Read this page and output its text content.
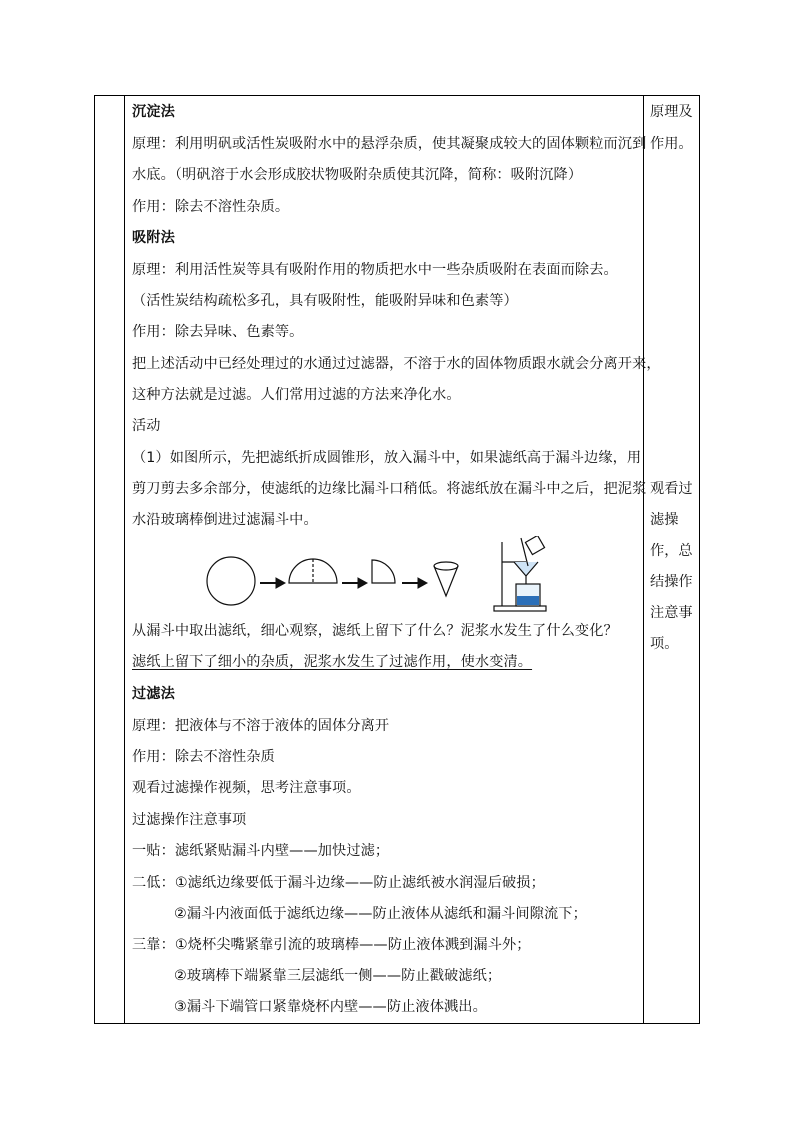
沉淀法
原理：利用明矾或活性炭吸附水中的悬浮杂质，使其凝聚成较大的固体颗粒而沉到
水底。（明矾溶于水会形成胶状物吸附杂质使其沉降，简称：吸附沉降）
作用：除去不溶性杂质。
吸附法
原理：利用活性炭等具有吸附作用的物质把水中一些杂质吸附在表面而除去。
（活性炭结构疏松多孔，具有吸附性，能吸附异味和色素等）
作用：除去异味、色素等。
把上述活动中已经处理过的水通过过滤器，不溶于水的固体物质跟水就会分离开来，
这种方法就是过滤。人们常用过滤的方法来净化水。
活动
（1）如图所示，先把滤纸折成圆锥形，放入漏斗中，如果滤纸高于漏斗边缘，用
剪刀剪去多余部分，使滤纸的边缘比漏斗口稍低。将滤纸放在漏斗中之后，把泥浆
水沿玻璃棒倒进过滤漏斗中。
从漏斗中取出滤纸，细心观察，滤纸上留下了什么？泥浆水发生了什么变化？
滤纸上留下了细小的杂质，泥浆水发生了过滤作用，使水变清。
过滤法
原理：把液体与不溶于液体的固体分离开
作用：除去不溶性杂质
观看过滤操作视频，思考注意事项。
过滤操作注意事项
一贴：滤纸紧贴漏斗内壁——加快过滤；
二低：①滤纸边缘要低于漏斗边缘——防止滤纸被水润湿后破损；
②漏斗内液面低于滤纸边缘——防止液体从滤纸和漏斗间隙流下；
三靠：①烧杯尖嘴紧靠引流的玻璃棒——防止液体溅到漏斗外；
②玻璃棒下端紧靠三层滤纸一侧——防止戳破滤纸；
③漏斗下端管口紧靠烧杯内壁——防止液体溅出。
原理及
作用。
观看过
滤操
作，总
结操作
注意事
项。
